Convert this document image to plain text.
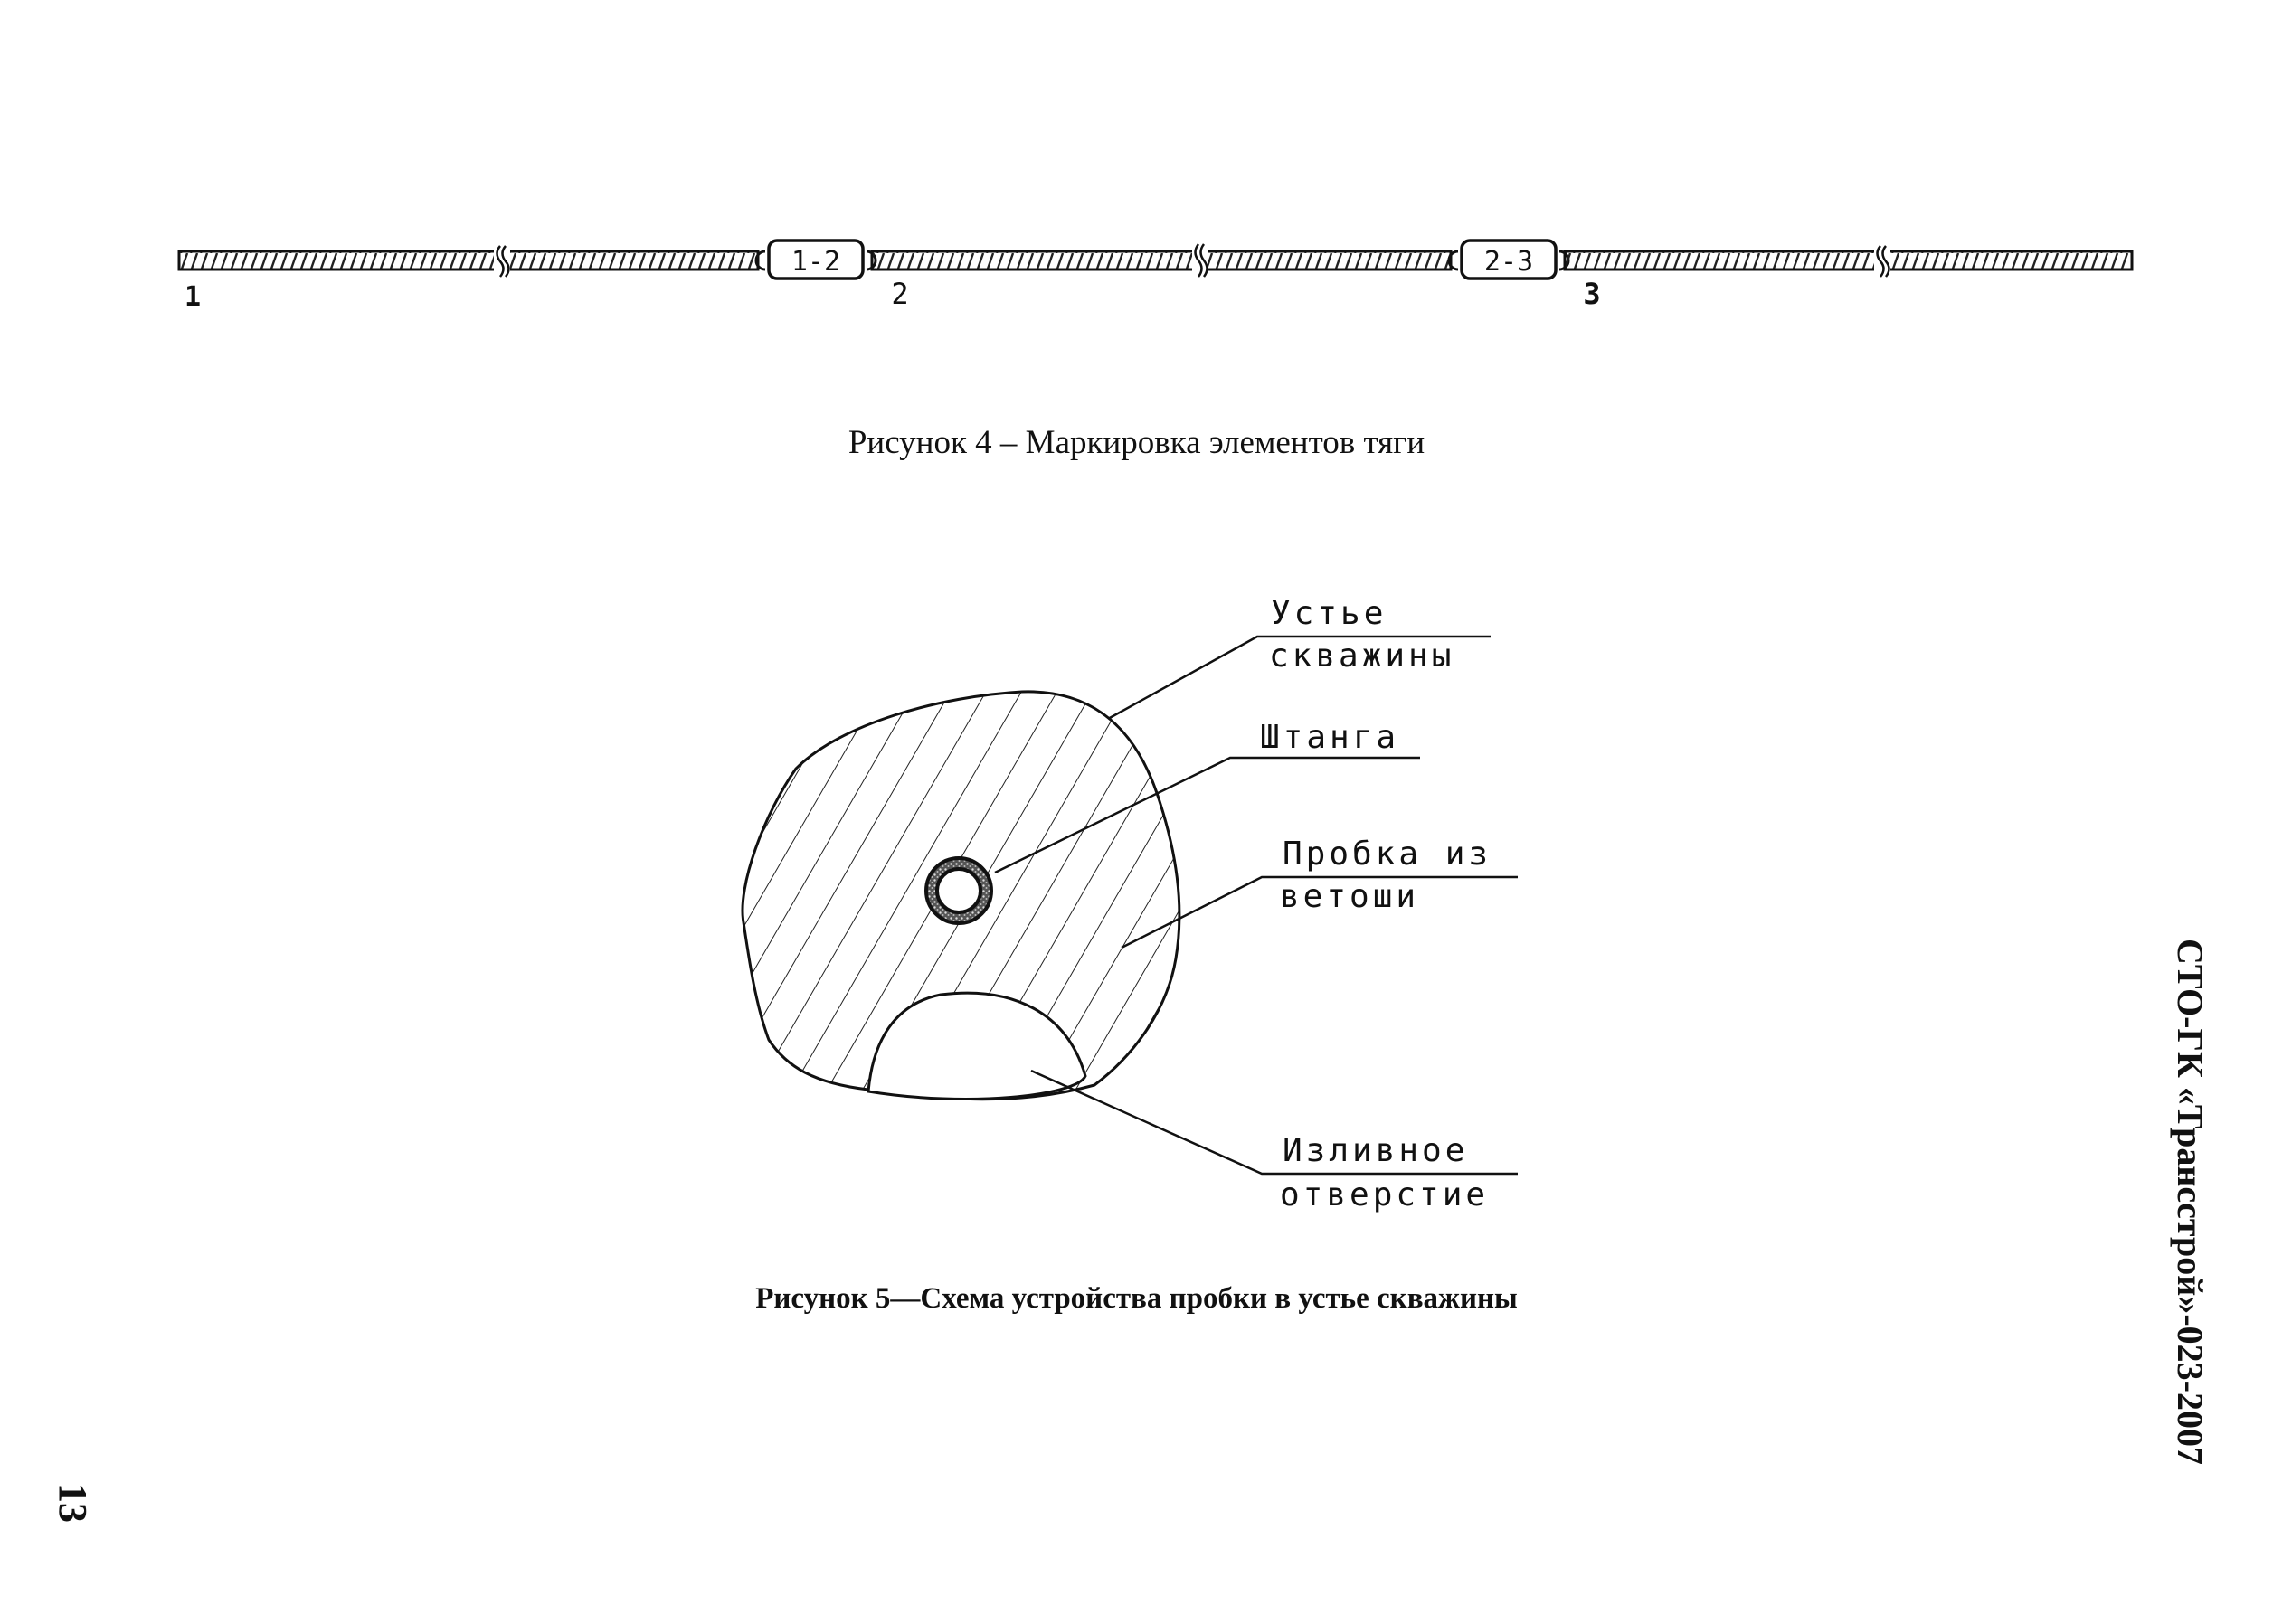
1-2	2-3
1	2	3
Рисунок 4 – Маркировка элементов тяги
Устье
скважины
Штанга
Пробка из
ветоши
Изливное
отверстие
Рисунок 5—Схема устройства пробки в устье скважины	СТО-ГК «Трансстрой»-023-2007
13
